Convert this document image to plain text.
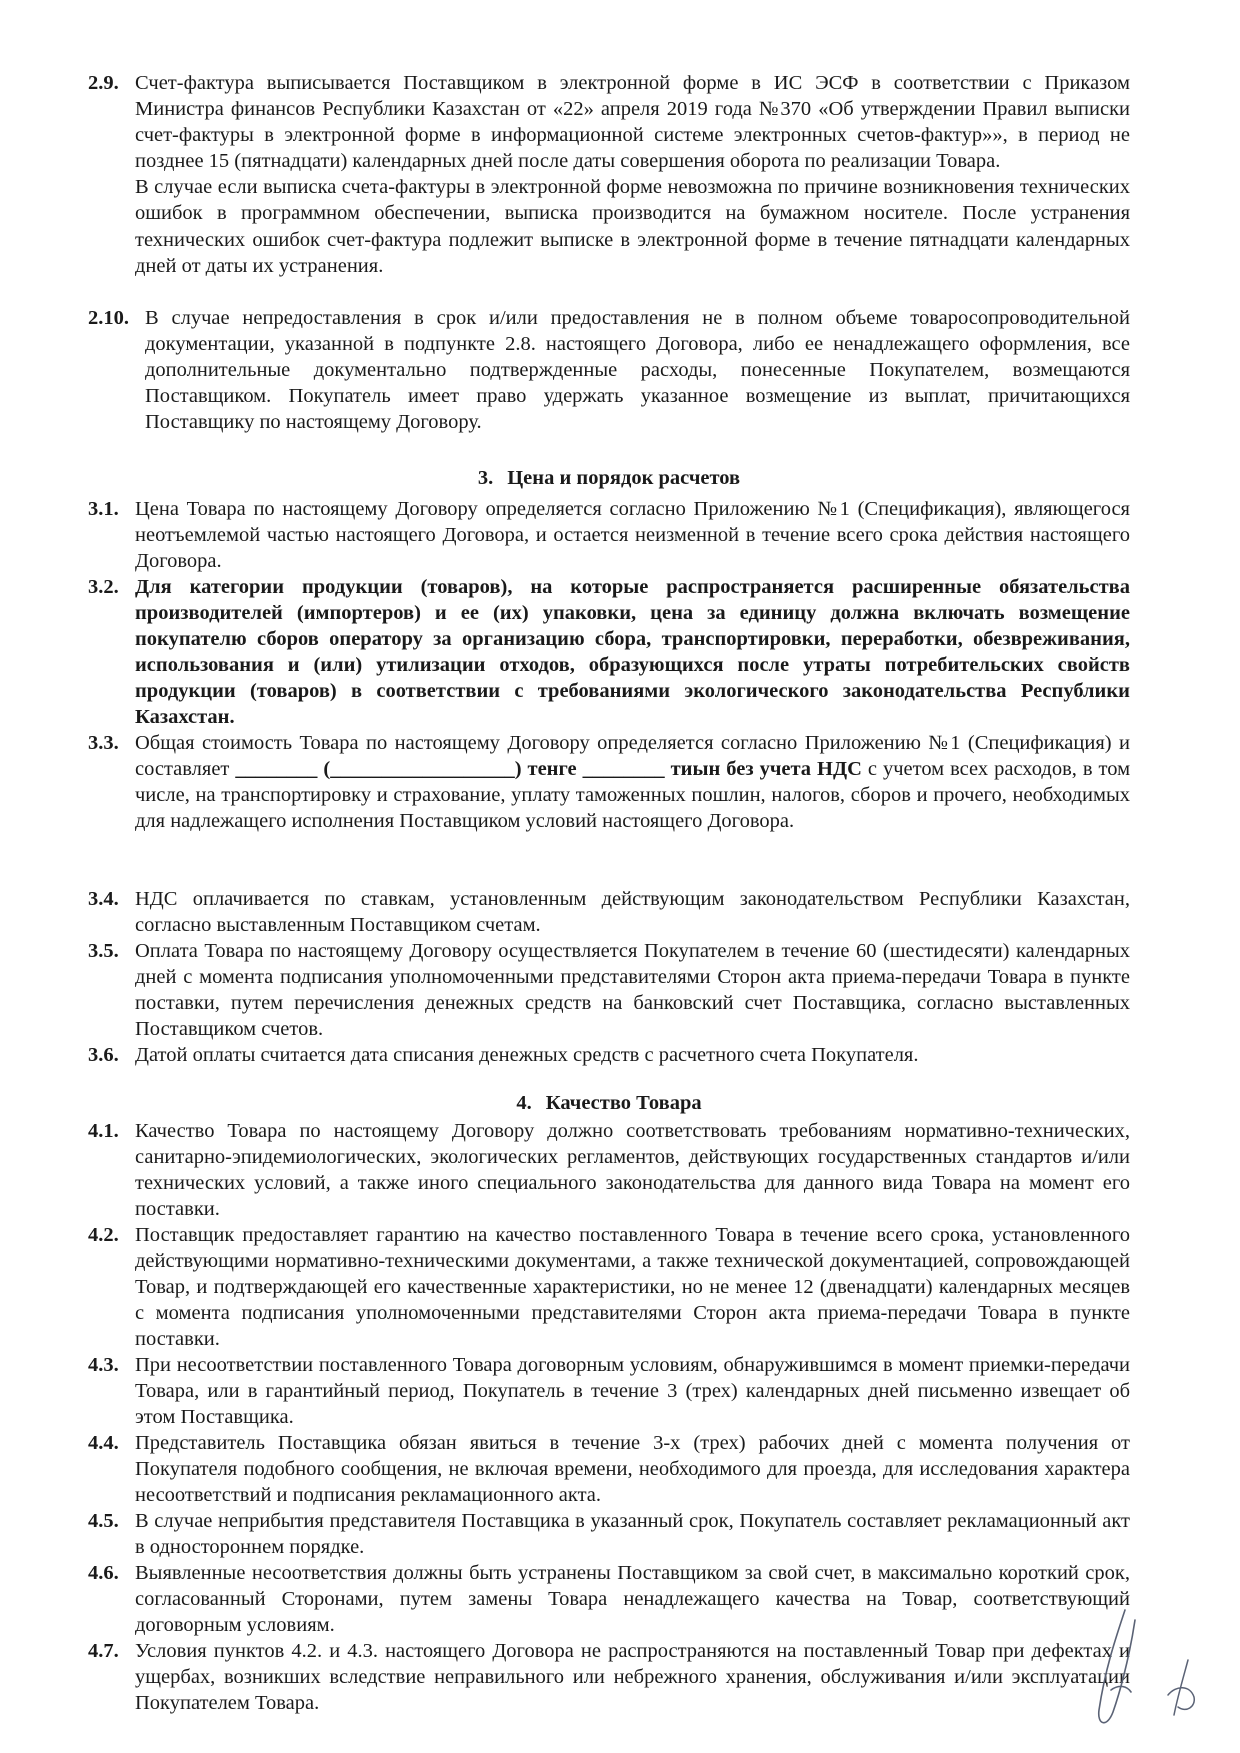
2.9. Счет-фактура выписывается Поставщиком в электронной форме в ИС ЭСФ в соответствии с Приказом Министра финансов Республики Казахстан от «22» апреля 2019 года №370 «Об утверждении Правил выписки счет-фактуры в электронной форме в информационной системе электронных счетов-фактур»», в период не позднее 15 (пятнадцати) календарных дней после даты совершения оборота по реализации Товара.
В случае если выписка счета-фактуры в электронной форме невозможна по причине возникновения технических ошибок в программном обеспечении, выписка производится на бумажном носителе. После устранения технических ошибок счет-фактура подлежит выписке в электронной форме в течение пятнадцати календарных дней от даты их устранения.
2.10. В случае непредоставления в срок и/или предоставления не в полном объеме товаросопроводительной документации, указанной в подпункте 2.8. настоящего Договора, либо ее ненадлежащего оформления, все дополнительные документально подтвержденные расходы, понесенные Покупателем, возмещаются Поставщиком. Покупатель имеет право удержать указанное возмещение из выплат, причитающихся Поставщику по настоящему Договору.
3. Цена и порядок расчетов
3.1. Цена Товара по настоящему Договору определяется согласно Приложению №1 (Спецификация), являющегося неотъемлемой частью настоящего Договора, и остается неизменной в течение всего срока действия настоящего Договора.
3.2. Для категории продукции (товаров), на которые распространяется расширенные обязательства производителей (импортеров) и ее (их) упаковки, цена за единицу должна включать возмещение покупателю сборов оператору за организацию сбора, транспортировки, переработки, обезвреживания, использования и (или) утилизации отходов, образующихся после утраты потребительских свойств продукции (товаров) в соответствии с требованиями экологического законодательства Республики Казахстан.
3.3. Общая стоимость Товара по настоящему Договору определяется согласно Приложению №1 (Спецификация) и составляет ________ (__________________) тенге ________ тиын без учета НДС с учетом всех расходов, в том числе, на транспортировку и страхование, уплату таможенных пошлин, налогов, сборов и прочего, необходимых для надлежащего исполнения Поставщиком условий настоящего Договора.
3.4. НДС оплачивается по ставкам, установленным действующим законодательством Республики Казахстан, согласно выставленным Поставщиком счетам.
3.5. Оплата Товара по настоящему Договору осуществляется Покупателем в течение 60 (шестидесяти) календарных дней с момента подписания уполномоченными представителями Сторон акта приема-передачи Товара в пункте поставки, путем перечисления денежных средств на банковский счет Поставщика, согласно выставленных Поставщиком счетов.
3.6. Датой оплаты считается дата списания денежных средств с расчетного счета Покупателя.
4. Качество Товара
4.1. Качество Товара по настоящему Договору должно соответствовать требованиям нормативно-технических, санитарно-эпидемиологических, экологических регламентов, действующих государственных стандартов и/или технических условий, а также иного специального законодательства для данного вида Товара на момент его поставки.
4.2. Поставщик предоставляет гарантию на качество поставленного Товара в течение всего срока, установленного действующими нормативно-техническими документами, а также технической документацией, сопровождающей Товар, и подтверждающей его качественные характеристики, но не менее 12 (двенадцати) календарных месяцев с момента подписания уполномоченными представителями Сторон акта приема-передачи Товара в пункте поставки.
4.3. При несоответствии поставленного Товара договорным условиям, обнаружившимся в момент приемки-передачи Товара, или в гарантийный период, Покупатель в течение 3 (трех) календарных дней письменно извещает об этом Поставщика.
4.4. Представитель Поставщика обязан явиться в течение 3-х (трех) рабочих дней с момента получения от Покупателя подобного сообщения, не включая времени, необходимого для проезда, для исследования характера несоответствий и подписания рекламационного акта.
4.5. В случае неприбытия представителя Поставщика в указанный срок, Покупатель составляет рекламационный акт в одностороннем порядке.
4.6. Выявленные несоответствия должны быть устранены Поставщиком за свой счет, в максимально короткий срок, согласованный Сторонами, путем замены Товара ненадлежащего качества на Товар, соответствующий договорным условиям.
4.7. Условия пунктов 4.2. и 4.3. настоящего Договора не распространяются на поставленный Товар при дефектах и ущербах, возникших вследствие неправильного или небрежного хранения, обслуживания и/или эксплуатации Покупателем Товара.
